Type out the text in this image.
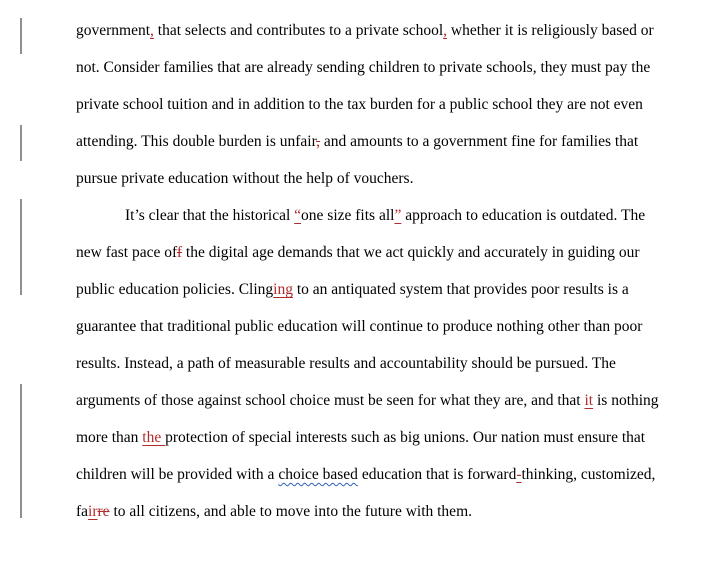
government, that selects and contributes to a private school, whether it is religiously based or
not. Consider families that are already sending children to private schools, they must pay the
private school tuition and in addition to the tax burden for a public school they are not even
attending. This double burden is unfair, and amounts to a government fine for families that
pursue private education without the help of vouchers.
It’s clear that the historical “one size fits all” approach to education is outdated. The
new fast pace off the digital age demands that we act quickly and accurately in guiding our
public education policies. Clinging to an antiquated system that provides poor results is a
guarantee that traditional public education will continue to produce nothing other than poor
results. Instead, a path of measurable results and accountability should be pursued. The
arguments of those against school choice must be seen for what they are, and that it is nothing
more than the protection of special interests such as big unions. Our nation must ensure that
children will be provided with a choice based education that is forward-thinking, customized,
fairre to all citizens, and able to move into the future with them.
